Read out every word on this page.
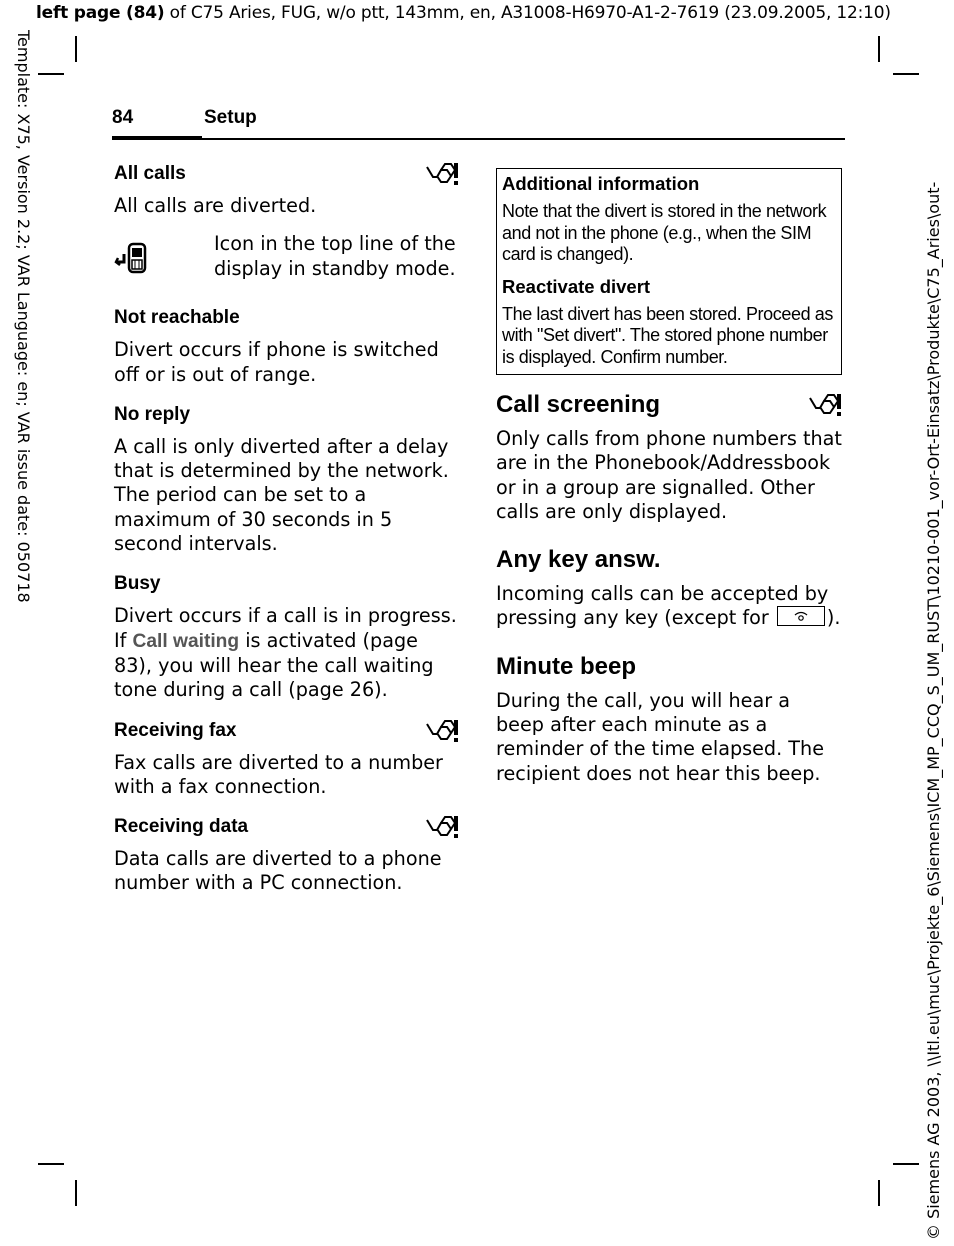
left page (84) of C75 Aries, FUG, w/o ptt, 143mm, en, A31008-H6970-A1-2-7619 (23.09.2005, 12:10)
Template: X75, Version 2.2; VAR Language: en; VAR issue date: 050718	© Siemens AG 2003, \\Itl.eu\muc\Projekte_6\Siemens\ICM_MP_CCQ_S_UM_RUST\10210-001_vor-Ort-Einsatz\Produkte\C75_Aries\out-
84	Setup
All calls

All calls are diverted.

Icon in the top line of the display in standby mode.
Not reachable

Divert occurs if phone is switched off or is out of range.

No reply

A call is only diverted after a delay that is determined by the network. The period can be set to a maximum of 30 seconds in 5 second intervals.

Busy

Divert occurs if a call is in progress. If Call waiting is activated (page 83), you will hear the call waiting tone during a call (page 26).

Receiving fax

Fax calls are diverted to a number with a fax connection.

Receiving data

Data calls are diverted to a phone number with a PC connection.

Additional information
Note that the divert is stored in the network and not in the phone (e.g., when the SIM card is changed).
Reactivate divert
The last divert has been stored. Proceed as with "Set divert". The stored phone number is displayed. Confirm number.
Call screening

Only calls from phone numbers that are in the Phonebook/Addressbook or in a group are signalled. Other calls are only displayed.

Any key answ.

Incoming calls can be accepted by pressing any key (except for	).

Minute beep

During the call, you will hear a beep after each minute as a reminder of the time elapsed. The recipient does not hear this beep.
